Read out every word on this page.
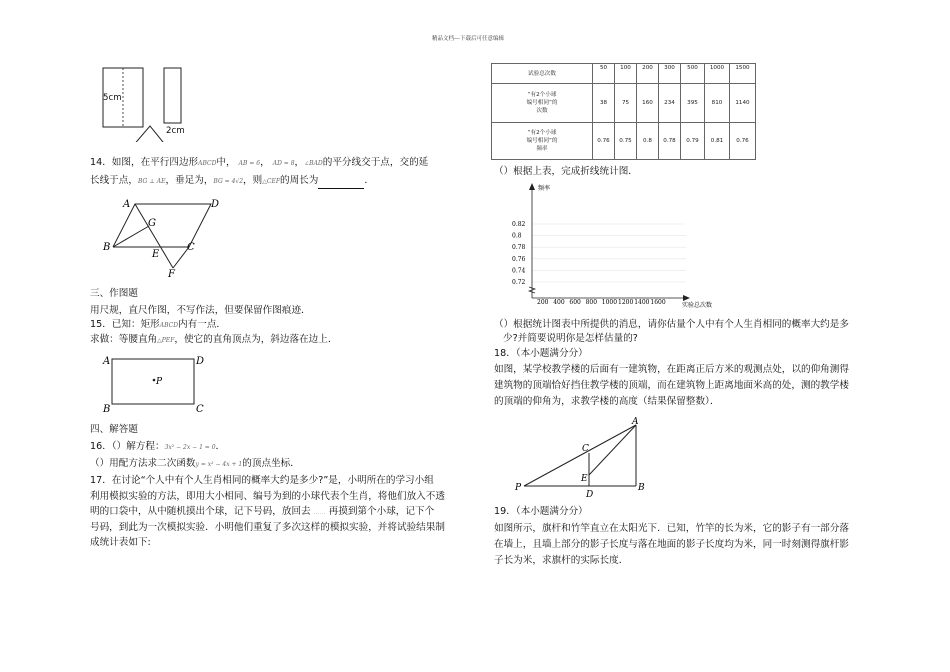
精品文档---下载后可任意编辑
5cm
2cm
14．如图，在平行四边形ABCD中， AB = 6， AD = 8，∠BAD的平分线交于点，交的延
长线于点，BG ⊥ AE，垂足为，BG = 4√2，则△CEF的周长为	．
A	D
G
B
E
C
F
三、作图题
用尺规，直尺作图，不写作法，但要保留作图痕迹．
15．已知：矩形ABCD内有一点．
求做：等腰直角△PEF，使它的直角顶点为，斜边落在边上．
A	D
P
B	C
四、解答题
16．（）解方程：3x² − 2x − 1 = 0．
（）用配方法求二次函数y = x² − 4x + 1的顶点坐标．
17．在讨论“个人中有个人生肖相同的概率大约是多少?”是，小明所在的学习小组
利用模拟实验的方法，即用大小相同、编号为到的小球代表个生肖，将他们放入不透
明的口袋中，从中随机摸出个球，记下号码，放回去 …… 再摸到第个小球，记下个
号码，到此为一次模拟实验．小明他们重复了多次这样的模拟实验，并将试验结果制
成统计表如下:
试验总次数	50	100	200	300	500	1000	1500

“有2个小球
编号相同”的
次数	38	75	160	234	395	810	1140

“有2个小球
编号相同”的
频率	0.76	0.75	0.8	0.78	0.79	0.81	0.76
（）根据上表，完成折线统计图．
频率
实验总次数
0.82
0.8
0.78
0.76
0.74
0.72
200 400 600 800 1000 1200 1400 1600
（）根据统计图表中所提供的消息，请你估量个人中有个人生肖相同的概率大约是多
少?并简要说明你是怎样估量的?
18．（本小题满分分）
如图，某学校教学楼的后面有一建筑物，在距离正后方米的观测点处，以的仰角测得
建筑物的顶端恰好挡住教学楼的顶端，而在建筑物上距离地面米高的处，测的教学楼
的顶端的仰角为，求教学楼的高度（结果保留整数）．
A
C
E
P
D
B
19．（本小题满分分）
如图所示，旗杆和竹竿直立在太阳光下．已知，竹竿的长为米，它的影子有一部分落
在墙上，且墙上部分的影子长度与落在地面的影子长度均为米，同一时刻测得旗杆影
子长为米，求旗杆的实际长度．
